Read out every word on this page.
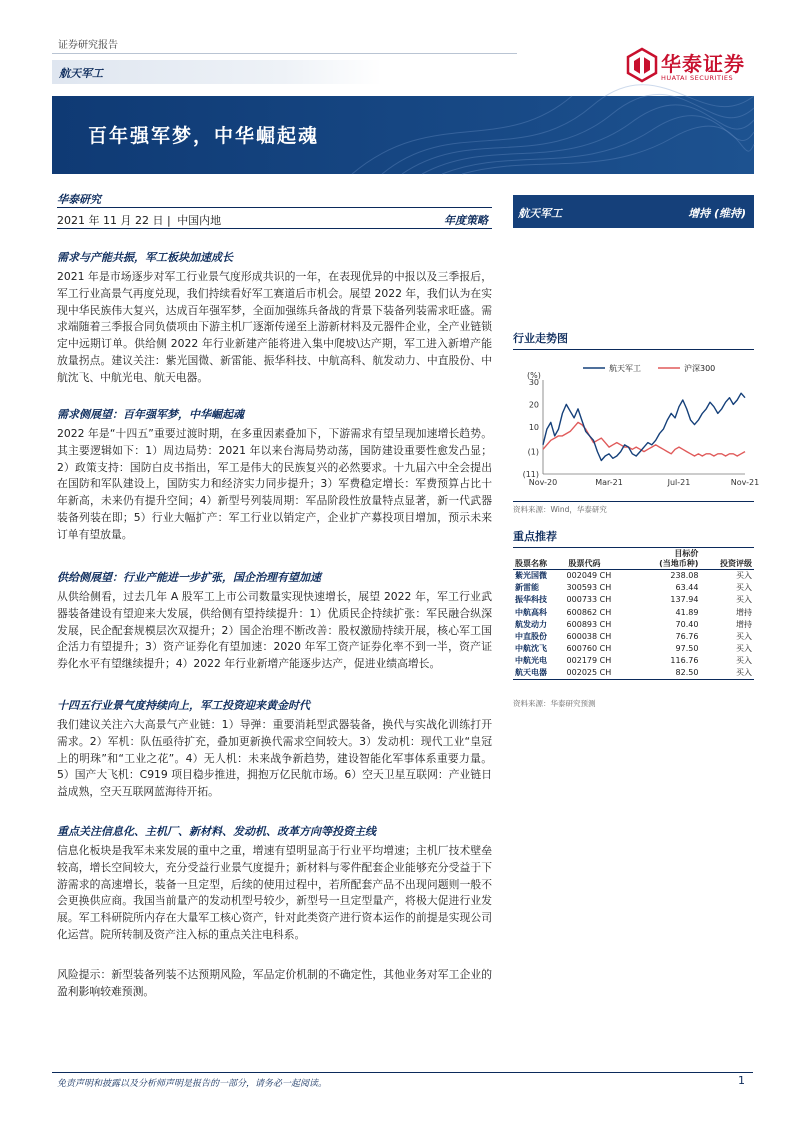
证券研究报告
航天军工	华泰证券
HUATAI SECURITIES
百年强军梦，中华崛起魂
华泰研究
2021 年 11 月 22 日 | 中国内地	年度策略
需求与产能共振，军工板块加速成长
2021 年是市场逐步对军工行业景气度形成共识的一年，在表现优异的中报以及三季报后，军工行业高景气再度兑现，我们持续看好军工赛道后市机会。展望 2022 年，我们认为在实现中华民族伟大复兴，达成百年强军梦，全面加强练兵备战的背景下装备列装需求旺盛。需求端随着三季报合同负债项由下游主机厂逐渐传递至上游新材料及元器件企业，全产业链锁定中远期订单。供给侧 2022 年行业新建产能将进入集中爬坡\达产期，军工进入新增产能放量拐点。建议关注：紫光国微、新雷能、振华科技、中航高科、航发动力、中直股份、中航沈飞、中航光电、航天电器。
需求侧展望：百年强军梦，中华崛起魂
2022 年是“十四五”重要过渡时期，在多重因素叠加下，下游需求有望呈现加速增长趋势。其主要逻辑如下：1）周边局势：2021 年以来台海局势动荡，国防建设重要性愈发凸显；2）政策支持：国防白皮书指出，军工是伟大的民族复兴的必然要求。十九届六中全会提出在国防和军队建设上，国防实力和经济实力同步提升；3）军费稳定增长：军费预算占比十年新高，未来仍有提升空间；4）新型号列装周期：军品阶段性放量特点显著，新一代武器装备列装在即；5）行业大幅扩产：军工行业以销定产，企业扩产募投项目增加，预示未来订单有望放量。
供给侧展望：行业产能进一步扩张，国企治理有望加速
从供给侧看，过去几年 A 股军工上市公司数量实现快速增长，展望 2022 年，军工行业武器装备建设有望迎来大发展，供给侧有望持续提升：1）优质民企持续扩张：军民融合纵深发展，民企配套规模层次双提升；2）国企治理不断改善：股权激励持续开展，核心军工国企活力有望提升；3）资产证券化有望加速：2020 年军工资产证券化率不到一半，资产证券化水平有望继续提升；4）2022 年行业新增产能逐步达产，促进业绩高增长。
十四五行业景气度持续向上，军工投资迎来黄金时代
我们建议关注六大高景气产业链：1）导弹：重要消耗型武器装备，换代与实战化训练打开需求。2）军机：队伍亟待扩充，叠加更新换代需求空间较大。3）发动机：现代工业“皇冠上的明珠”和“工业之花”。4）无人机：未来战争新趋势，建设智能化军事体系重要力量。5）国产大飞机：C919 项目稳步推进，拥抱万亿民航市场。6）空天卫星互联网：产业链日益成熟，空天互联网蓝海待开拓。
重点关注信息化、主机厂、新材料、发动机、改革方向等投资主线
信息化板块是我军未来发展的重中之重，增速有望明显高于行业平均增速；主机厂技术壁垒较高，增长空间较大，充分受益行业景气度提升；新材料与零件配套企业能够充分受益于下游需求的高速增长，装备一旦定型，后续的使用过程中，若所配套产品不出现问题则一般不会更换供应商。我国当前量产的发动机型号较少，新型号一旦定型量产，将极大促进行业发展。军工科研院所内存在大量军工核心资产，针对此类资产进行资本运作的前提是实现公司化运营。院所转制及资产注入标的重点关注电科系。
风险提示：新型装备列装不达预期风险，军品定价机制的不确定性，其他业务对军工企业的盈利影响较难预测。
航天军工	增持 (维持)
行业走势图
(%)
30
20
10
(1)
(11)
Nov-20	Mar-21	Jul-21	Nov-21
航天军工	沪深300
资料来源：Wind，华泰研究
重点推荐
股票名称	股票代码	目标价
(当地币种)	投资评级
紫光国微	002049 CH	238.08	买入
新雷能	300593 CH	63.44	买入
振华科技	000733 CH	137.94	买入
中航高科	600862 CH	41.89	增持
航发动力	600893 CH	70.40	增持
中直股份	600038 CH	76.76	买入
中航沈飞	600760 CH	97.50	买入
中航光电	002179 CH	116.76	买入
航天电器	002025 CH	82.50	买入
资料来源：华泰研究预测
免责声明和披露以及分析师声明是报告的一部分，请务必一起阅读。	1
